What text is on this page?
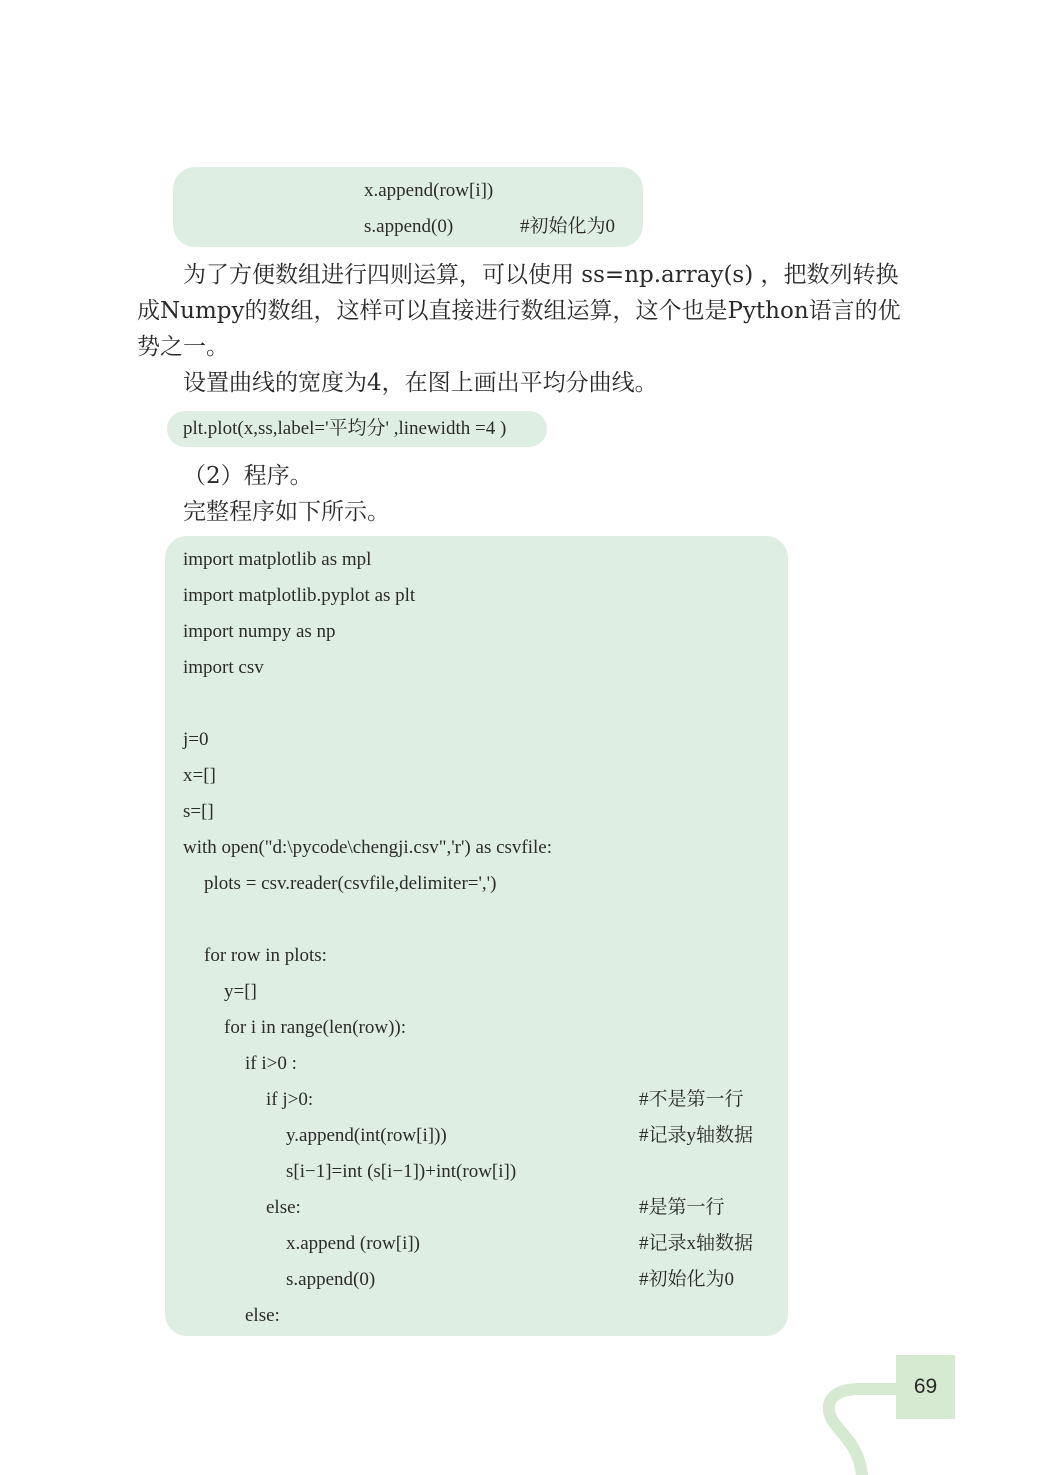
x.append(row[i])
s.append(0)	#初始化为0
为了方便数组进行四则运算，可以使用 ss=np.array(s) ，把数列转换成Numpy的数组，这样可以直接进行数组运算，这个也是Python语言的优势之一。
设置曲线的宽度为4，在图上画出平均分曲线。
plt.plot(x,ss,label='平均分' ,linewidth =4 )
（2）程序。
完整程序如下所示。
import matplotlib as mpl
import matplotlib.pyplot as plt
import numpy as np
import csv
j=0
x=[]
s=[]
with open("d:\pycode\chengji.csv",'r') as csvfile:
plots = csv.reader(csvfile,delimiter=',')
for row in plots:
y=[]
for i in range(len(row)):
if i>0 :
if j>0:
y.append(int(row[i]))
s[i−1]=int (s[i−1])+int(row[i])
else:
x.append (row[i])
s.append(0)
else:
#不是第一行
#记录y轴数据
#是第一行
#记录x轴数据
#初始化为0
69
